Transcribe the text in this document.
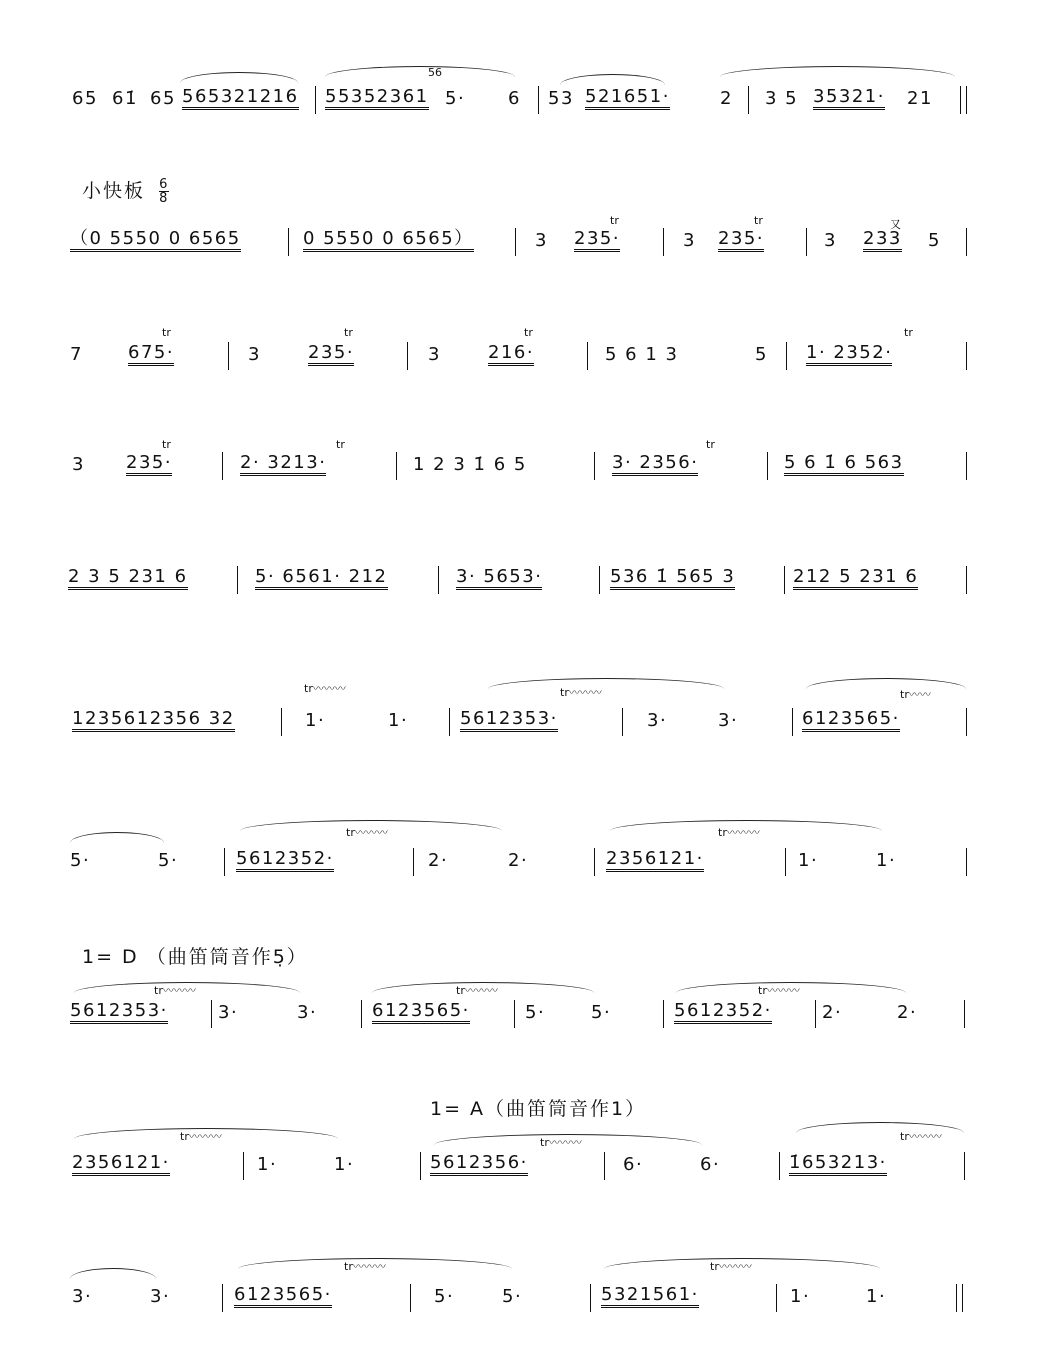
小快板 $\frac{6}{8}$
1= D （曲笛筒音作5̣）
1= A（曲笛筒音作1）
65 61̇ 65 565321216 55352361 5· 6 53 521651·	2 3 5 35321· 21
（0 5550 0 6565	0 5550 0 6565）	3 235·	3 235·	3 233 5
7	675·	3	235·	3	216·	5 6 1 3	5 1· 2352·
3 235·	2· 3213·	1 2 3 1̇ 6 5	3· 2356·	5 6 1̇ 6 563
2 3 5 231 6	5· 6561· 212	3· 5653·	536 1̇ 565 3	212 5 231 6
1235612356 32	1·	1·	5612353·	3·	3·	6123565·
5·	5·	5612352·	2·	2·	2356121·	1·	1·
5612353·	3·	3·	6123565·	5·	5·	5612352·	2·	2·
2356121·	1·	1·	5612356·	6·	6·	1̇653213·
3·	3·	6123565·	5·	5·	5321561·	1·	1·
56
tr	tr	又
tr	tr	tr	tr
tr	tr	tr
tr〰〰〰	tr〰〰〰	tr〰〰
tr〰〰〰	tr〰〰〰
tr〰〰〰	tr〰〰〰	tr〰〰〰
tr〰〰〰	tr〰〰〰	tr〰〰〰
tr〰〰〰	tr〰〰〰
